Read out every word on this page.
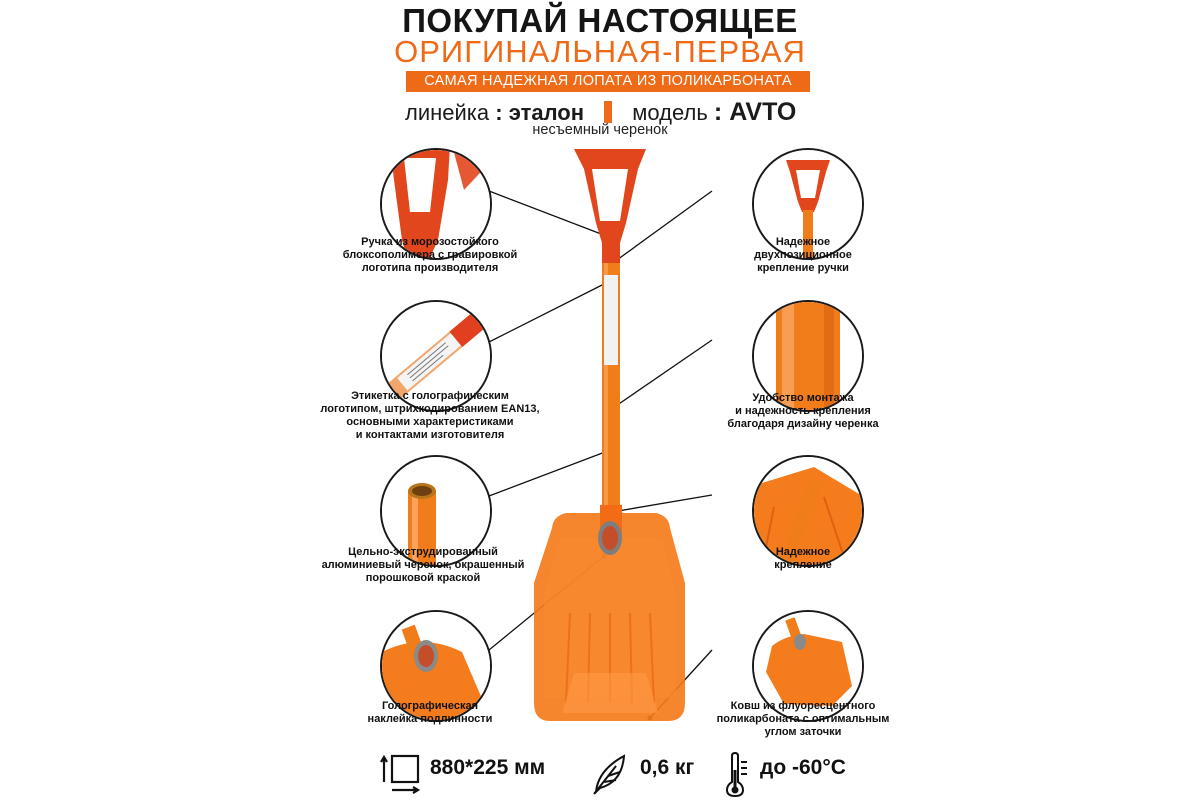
ПОКУПАЙ НАСТОЯЩЕЕ
ОРИГИНАЛЬНАЯ-ПЕРВАЯ
САМАЯ НАДЕЖНАЯ ЛОПАТА ИЗ ПОЛИКАРБОНАТА
линейка : эталон модель : AVTO
несъемный черенок
Ручка из морозостойкого
блоксополимера с гравировкой
логотипа производителя
Этикетка с голографическим
логотипом, штрихкодированием EAN13,
основными характеристиками
и контактами изготовителя
Цельно-экструдированный
алюминиевый черенок, окрашенный
порошковой краской
Голографическая
наклейка подлинности
Надежное
двухпозиционное
крепление ручки
Удобство монтажа
и надежность крепления
благодаря дизайну черенка
Надежное
крепление
Ковш из флуоресцентного
поликарбоната с оптимальным
углом заточки
880*225 мм	0,6 кг	до -60°С
